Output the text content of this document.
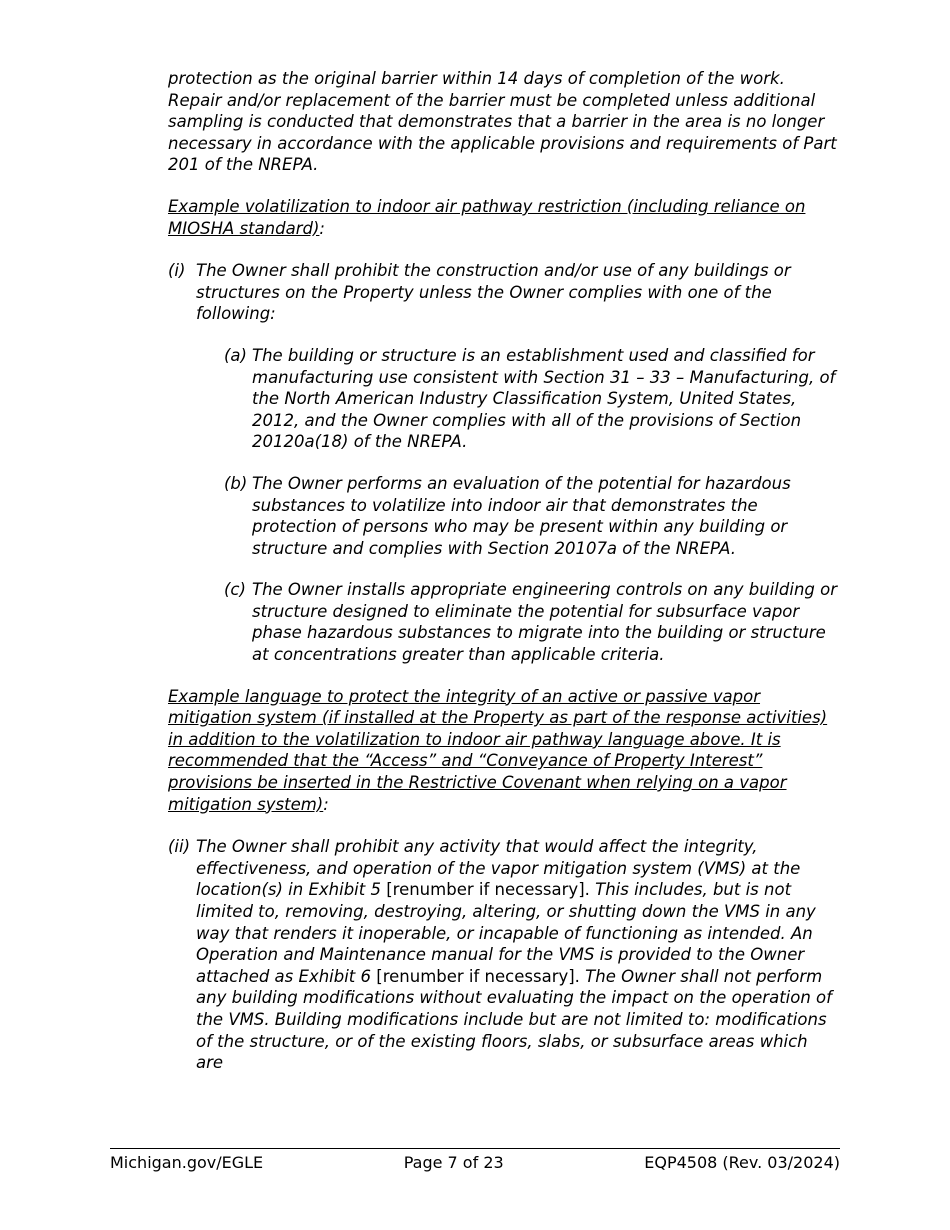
protection as the original barrier within 14 days of completion of the work. Repair and/or replacement of the barrier must be completed unless additional sampling is conducted that demonstrates that a barrier in the area is no longer necessary in accordance with the applicable provisions and requirements of Part 201 of the NREPA.

Example volatilization to indoor air pathway restriction (including reliance on MIOSHA standard):

(i) The Owner shall prohibit the construction and/or use of any buildings or structures on the Property unless the Owner complies with one of the following:
(a) The building or structure is an establishment used and classified for manufacturing use consistent with Section 31 – 33 – Manufacturing, of the North American Industry Classification System, United States, 2012, and the Owner complies with all of the provisions of Section 20120a(18) of the NREPA.
(b) The Owner performs an evaluation of the potential for hazardous substances to volatilize into indoor air that demonstrates the protection of persons who may be present within any building or structure and complies with Section 20107a of the NREPA.
(c) The Owner installs appropriate engineering controls on any building or structure designed to eliminate the potential for subsurface vapor phase hazardous substances to migrate into the building or structure at concentrations greater than applicable criteria.

Example language to protect the integrity of an active or passive vapor mitigation system (if installed at the Property as part of the response activities) in addition to the volatilization to indoor air pathway language above. It is recommended that the “Access” and “Conveyance of Property Interest” provisions be inserted in the Restrictive Covenant when relying on a vapor mitigation system):

(ii) The Owner shall prohibit any activity that would affect the integrity, effectiveness, and operation of the vapor mitigation system (VMS) at the location(s) in Exhibit 5 [renumber if necessary]. This includes, but is not limited to, removing, destroying, altering, or shutting down the VMS in any way that renders it inoperable, or incapable of functioning as intended. An Operation and Maintenance manual for the VMS is provided to the Owner attached as Exhibit 6 [renumber if necessary]. The Owner shall not perform any building modifications without evaluating the impact on the operation of the VMS. Building modifications include but are not limited to: modifications of the structure, or of the existing floors, slabs, or subsurface areas which are
Michigan.gov/EGLE	Page 7 of 23	EQP4508 (Rev. 03/2024)
